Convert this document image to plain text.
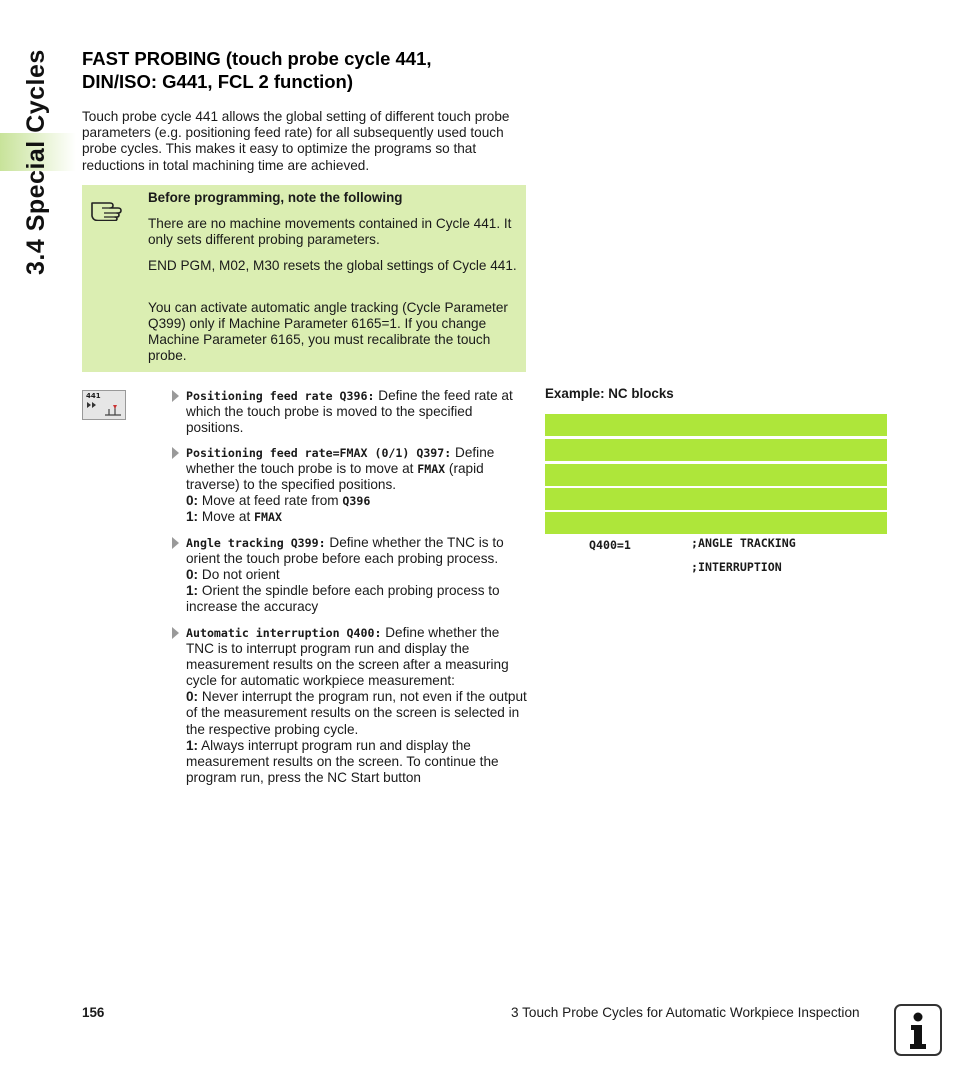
3.4 Special Cycles FAST PROBING (touch probe cycle 441,
DIN/ISO: G441, FCL 2 function)

Touch probe cycle 441 allows the global setting of different touch probe parameters (e.g. positioning feed rate) for all subsequently used touch probe cycles. This makes it easy to optimize the programs so that reductions in total machining time are achieved.

Before programming, note the following

There are no machine movements contained in Cycle 441. It only sets different probing parameters.

END PGM, M02, M30 resets the global settings of Cycle 441.

You can activate automatic angle tracking (Cycle Parameter Q399) only if Machine Parameter 6165=1. If you change Machine Parameter 6165, you must recalibrate the touch probe.

441	Positioning feed rate Q396: Define the feed rate at which the touch probe is moved to the specified positions.
Positioning feed rate=FMAX (0/1) Q397: Define whether the touch probe is to move at FMAX (rapid traverse) to the specified positions.
0: Move at feed rate from Q396
1: Move at FMAX
Angle tracking Q399: Define whether the TNC is to orient the touch probe before each probing process.
0: Do not orient
1: Orient the spindle before each probing process to increase the accuracy
Automatic interruption Q400: Define whether the TNC is to interrupt program run and display the measurement results on the screen after a measuring cycle for automatic workpiece measurement:
0: Never interrupt the program run, not even if the output of the measurement results on the screen is selected in the respective probing cycle.
1: Always interrupt program run and display the measurement results on the screen. To continue the program run, press the NC Start button
Example: NC blocks

;ANGLE TRACKING

Q400=1

;INTERRUPTION

156	3 Touch Probe Cycles for Automatic Workpiece Inspection
